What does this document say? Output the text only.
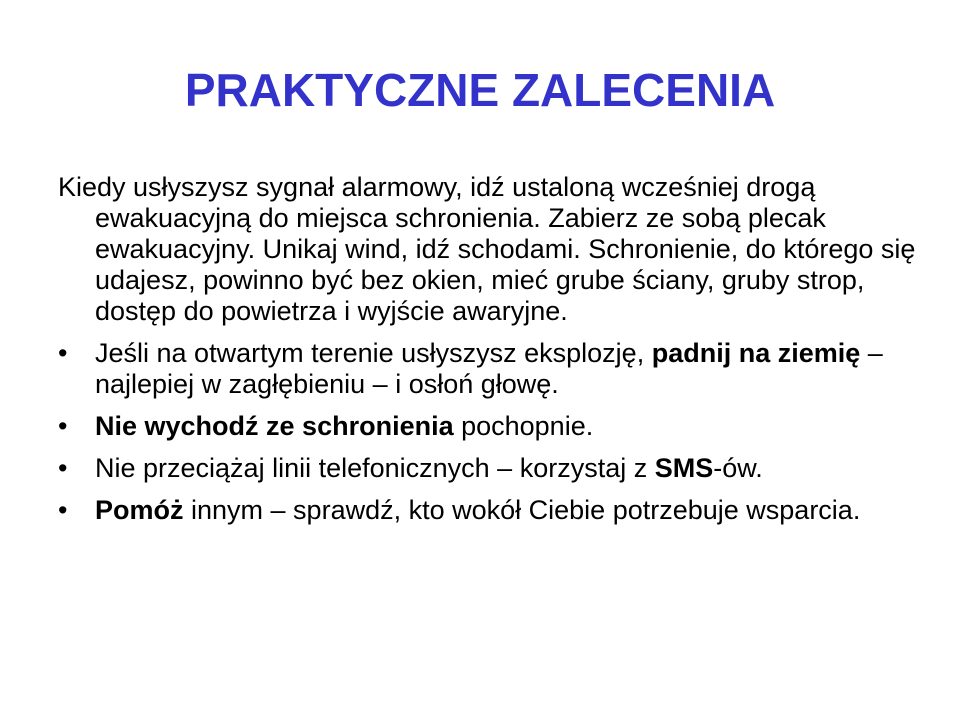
PRAKTYCZNE ZALECENIA

Kiedy usłyszysz sygnał alarmowy, idź ustaloną wcześniej drogą ewakuacyjną do miejsca schronienia. Zabierz ze sobą plecak ewakuacyjny. Unikaj wind, idź schodami. Schronienie, do którego się udajesz, powinno być bez okien, mieć grube ściany, gruby strop, dostęp do powietrza i wyjście awaryjne.

•	Jeśli na otwartym terenie usłyszysz eksplozję, padnij na ziemię – najlepiej w zagłębieniu – i osłoń głowę.
•	Nie wychodź ze schronienia pochopnie.
•	Nie przeciążaj linii telefonicznych – korzystaj z SMS-ów.
•	Pomóż innym – sprawdź, kto wokół Ciebie potrzebuje wsparcia.
